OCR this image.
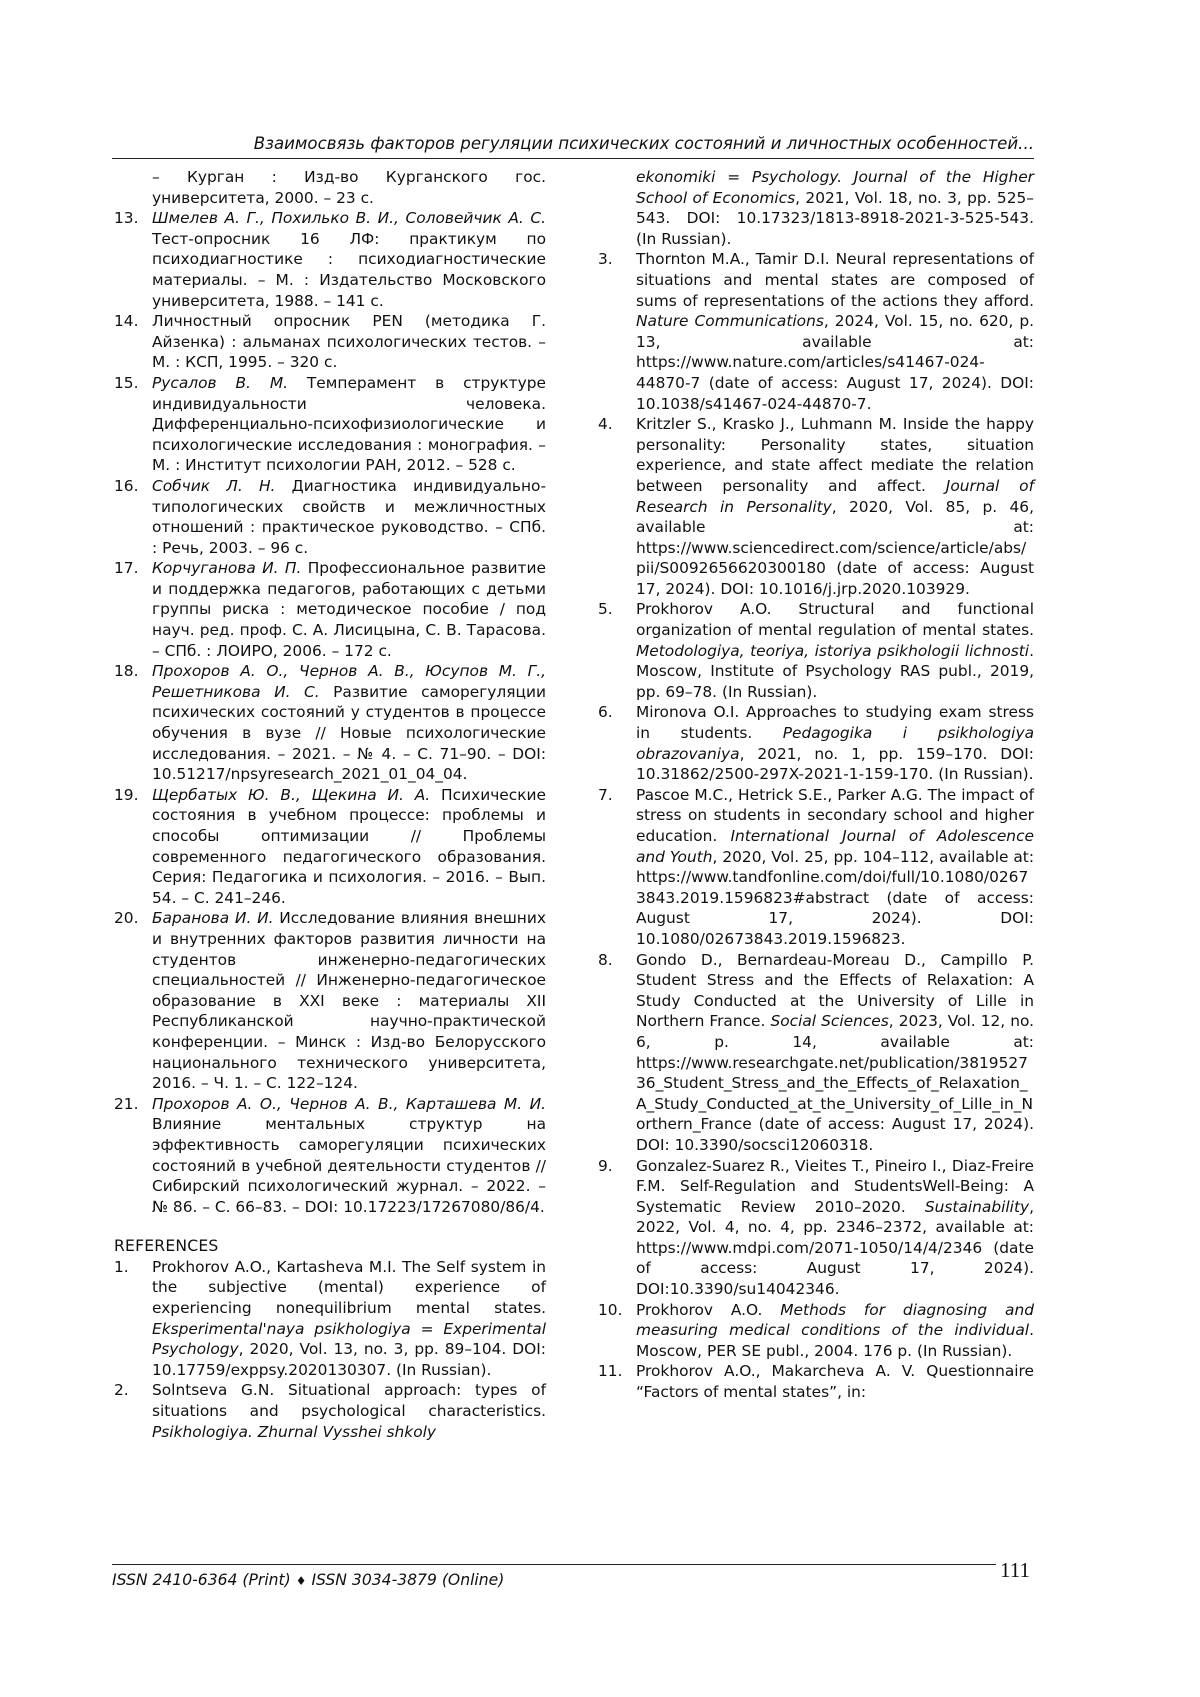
Взаимосвязь факторов регуляции психических состояний и личностных особенностей...
– Курган : Изд-во Курганского гос. университета, 2000. – 23 с.
13. Шмелев А. Г., Похилько В. И., Соловейчик А. С. Тест-опросник 16 ЛФ: практикум по психодиагностике : психодиагностические материалы. – М. : Издательство Московского университета, 1988. – 141 с.
14. Личностный опросник PEN (методика Г. Айзенка) : альманах психологических тестов. – М. : КСП, 1995. – 320 с.
15. Русалов В. М. Темперамент в структуре индивидуальности человека. Дифференциально-психофизиологические и психологические исследования : монография. – М. : Институт психологии РАН, 2012. – 528 с.
16. Собчик Л. Н. Диагностика индивидуально-типологических свойств и межличностных отношений : практическое руководство. – СПб. : Речь, 2003. – 96 с.
17. Корчуганова И. П. Профессиональное развитие и поддержка педагогов, работающих с детьми группы риска : методическое пособие / под науч. ред. проф. С. А. Лисицына, С. В. Тарасова. – СПб. : ЛОИРО, 2006. – 172 с.
18. Прохоров А. О., Чернов А. В., Юсупов М. Г., Решетникова И. С. Развитие саморегуляции психических состояний у студентов в процессе обучения в вузе // Новые психологические исследования. – 2021. – № 4. – С. 71–90. – DOI: 10.51217/npsyresearch_2021_01_04_04.
19. Щербатых Ю. В., Щекина И. А. Психические состояния в учебном процессе: проблемы и способы оптимизации // Проблемы современного педагогического образования. Серия: Педагогика и психология. – 2016. – Вып. 54. – С. 241–246.
20. Баранова И. И. Исследование влияния внешних и внутренних факторов развития личности на студентов инженерно-педагогических специальностей // Инженерно-педагогическое образование в XXI веке : материалы XII Республиканской научно-практической конференции. – Минск : Изд-во Белорусского национального технического университета, 2016. – Ч. 1. – С. 122–124.
21. Прохоров А. О., Чернов А. В., Карташева М. И. Влияние ментальных структур на эффективность саморегуляции психических состояний в учебной деятельности студентов // Сибирский психологический журнал. – 2022. – № 86. – С. 66–83. – DOI: 10.17223/17267080/86/4.
REFERENCES
1.	Prokhorov A.O., Kartasheva M.I. The Self system in the subjective (mental) experience of experiencing nonequilibrium mental states. Eksperimental'naya psikhologiya = Experimental Psychology, 2020, Vol. 13, no. 3, pp. 89–104. DOI: 10.17759/exppsy.2020130307. (In Russian).
2.	Solntseva G.N. Situational approach: types of situations and psychological characteristics. Psikhologiya. Zhurnal Vysshei shkoly
ekonomiki = Psychology. Journal of the Higher School of Economics, 2021, Vol. 18, no. 3, pp. 525–543. DOI: 10.17323/1813-8918-2021-3-525-543. (In Russian).
3.	Thornton M.A., Tamir D.I. Neural representations of situations and mental states are composed of sums of representations of the actions they afford. Nature Communications, 2024, Vol. 15, no. 620, p. 13, available at: https://www.nature.com/articles/s41467-024-44870-7 (date of access: August 17, 2024). DOI: 10.1038/s41467-024-44870-7.
4.	Kritzler S., Krasko J., Luhmann M. Inside the happy personality: Personality states, situation experience, and state affect mediate the relation between personality and affect. Journal of Research in Personality, 2020, Vol. 85, p. 46, available at: https://www.sciencedirect.com/science/article/abs/pii/S0092656620300180 (date of access: August 17, 2024). DOI: 10.1016/j.jrp.2020.103929.
5.	Prokhorov A.O. Structural and functional organization of mental regulation of mental states. Metodologiya, teoriya, istoriya psikhologii lichnosti. Moscow, Institute of Psychology RAS publ., 2019, pp. 69–78. (In Russian).
6.	Mironova O.I. Approaches to studying exam stress in students. Pedagogika i psikhologiya obrazovaniya, 2021, no. 1, pp. 159–170. DOI: 10.31862/2500-297X-2021-1-159-170. (In Russian).
7.	Pascoe M.C., Hetrick S.E., Parker A.G. The impact of stress on students in secondary school and higher education. International Journal of Adolescence and Youth, 2020, Vol. 25, pp. 104–112, available at: https://www.tandfonline.com/doi/full/10.1080/02673843.2019.1596823#abstract (date of access: August 17, 2024). DOI: 10.1080/02673843.2019.1596823.
8.	Gondo D., Bernardeau-Moreau D., Campillo P. Student Stress and the Effects of Relaxation: A Study Conducted at the University of Lille in Northern France. Social Sciences, 2023, Vol. 12, no. 6, p. 14, available at: https://www.researchgate.net/publication/381952736_Student_Stress_and_the_Effects_of_Relaxation_A_Study_Conducted_at_the_University_of_Lille_in_Northern_France (date of access: August 17, 2024). DOI: 10.3390/socsci12060318.
9.	Gonzalez-Suarez R., Vieites T., Pineiro I., Diaz-Freire F.M. Self-Regulation and StudentsWell-Being: A Systematic Review 2010–2020. Sustainability, 2022, Vol. 4, no. 4, pp. 2346–2372, available at: https://www.mdpi.com/2071-1050/14/4/2346 (date of access: August 17, 2024). DOI:10.3390/su14042346.
10. Prokhorov A.O. Methods for diagnosing and measuring medical conditions of the individual. Moscow, PER SE publ., 2004. 176 p. (In Russian).
11. Prokhorov A.O., Makarcheva A. V. Questionnaire “Factors of mental states”, in:
ISSN 2410-6364 (Print) ♦ ISSN 3034-3879 (Online)	111
